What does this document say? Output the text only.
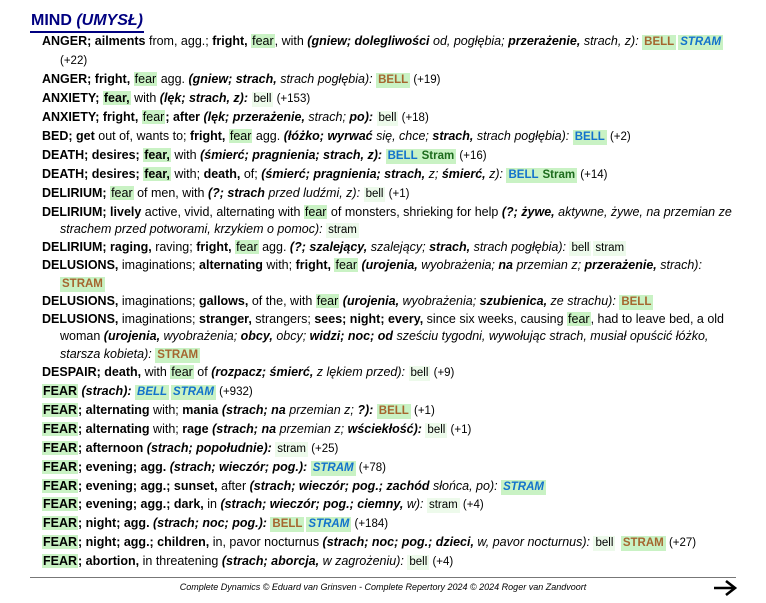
MIND (UMYSŁ)
ANGER; ailments from, agg.; fright, fear, with (gniew; dolegliwości od, pogłębia; przerażenie, strach, z): BELL STRAM (+22)
ANGER; fright, fear agg. (gniew; strach, strach pogłębia): BELL (+19)
ANXIETY; fear, with (lęk; strach, z): bell (+153)
ANXIETY; fright, fear; after (lęk; przerażenie, strach; po): bell (+18)
BED; get out of, wants to; fright, fear agg. (łóżko; wyrwać się, chce; strach, strach pogłębia): BELL (+2)
DEATH; desires; fear, with (śmierć; pragnienia; strach, z): BELL Stram (+16)
DEATH; desires; fear, with; death, of; (śmierć; pragnienia; strach, z; śmierć, z): BELL Stram (+14)
DELIRIUM; fear of men, with (?; strach przed ludźmi, z): bell (+1)
DELIRIUM; lively active, vivid, alternating with fear of monsters, shrieking for help (?; żywe, aktywne, żywe, na przemian ze strachem przed potworami, krzykiem o pomoc): stram
DELIRIUM; raging, raving; fright, fear agg. (?; szalejący, szalejący; strach, strach pogłębia): bell stram
DELUSIONS, imaginations; alternating with; fright, fear (urojenia, wyobrażenia; na przemian z; przerażenie, strach): STRAM
DELUSIONS, imaginations; gallows, of the, with fear (urojenia, wyobrażenia; szubienica, ze strachu): BELL
DELUSIONS, imaginations; stranger, strangers; sees; night; every, since six weeks, causing fear, had to leave bed, a old woman (urojenia, wyobrażenia; obcy, obcy; widzi; noc; od sześciu tygodni, wywołując strach, musiał opuścić łóżko, starsza kobieta): STRAM
DESPAIR; death, with fear of (rozpacz; śmierć, z lękiem przed): bell (+9)
FEAR (strach): BELL STRAM (+932)
FEAR; alternating with; mania (strach; na przemian z; ?): BELL (+1)
FEAR; alternating with; rage (strach; na przemian z; wściekłość): bell (+1)
FEAR; afternoon (strach; popołudnie): stram (+25)
FEAR; evening; agg. (strach; wieczór; pog.): STRAM (+78)
FEAR; evening; agg.; sunset, after (strach; wieczór; pog.; zachód słońca, po): STRAM
FEAR; evening; agg.; dark, in (strach; wieczór; pog.; ciemny, w): stram (+4)
FEAR; night; agg. (strach; noc; pog.): BELL STRAM (+184)
FEAR; night; agg.; children, in, pavor nocturnus (strach; noc; pog.; dzieci, w, pavor nocturnus): bell STRAM (+27)
FEAR; abortion, in threatening (strach; aborcja, w zagrożeniu): bell (+4)
Complete Dynamics © Eduard van Grinsven - Complete Repertory 2024 © 2024 Roger van Zandvoort
